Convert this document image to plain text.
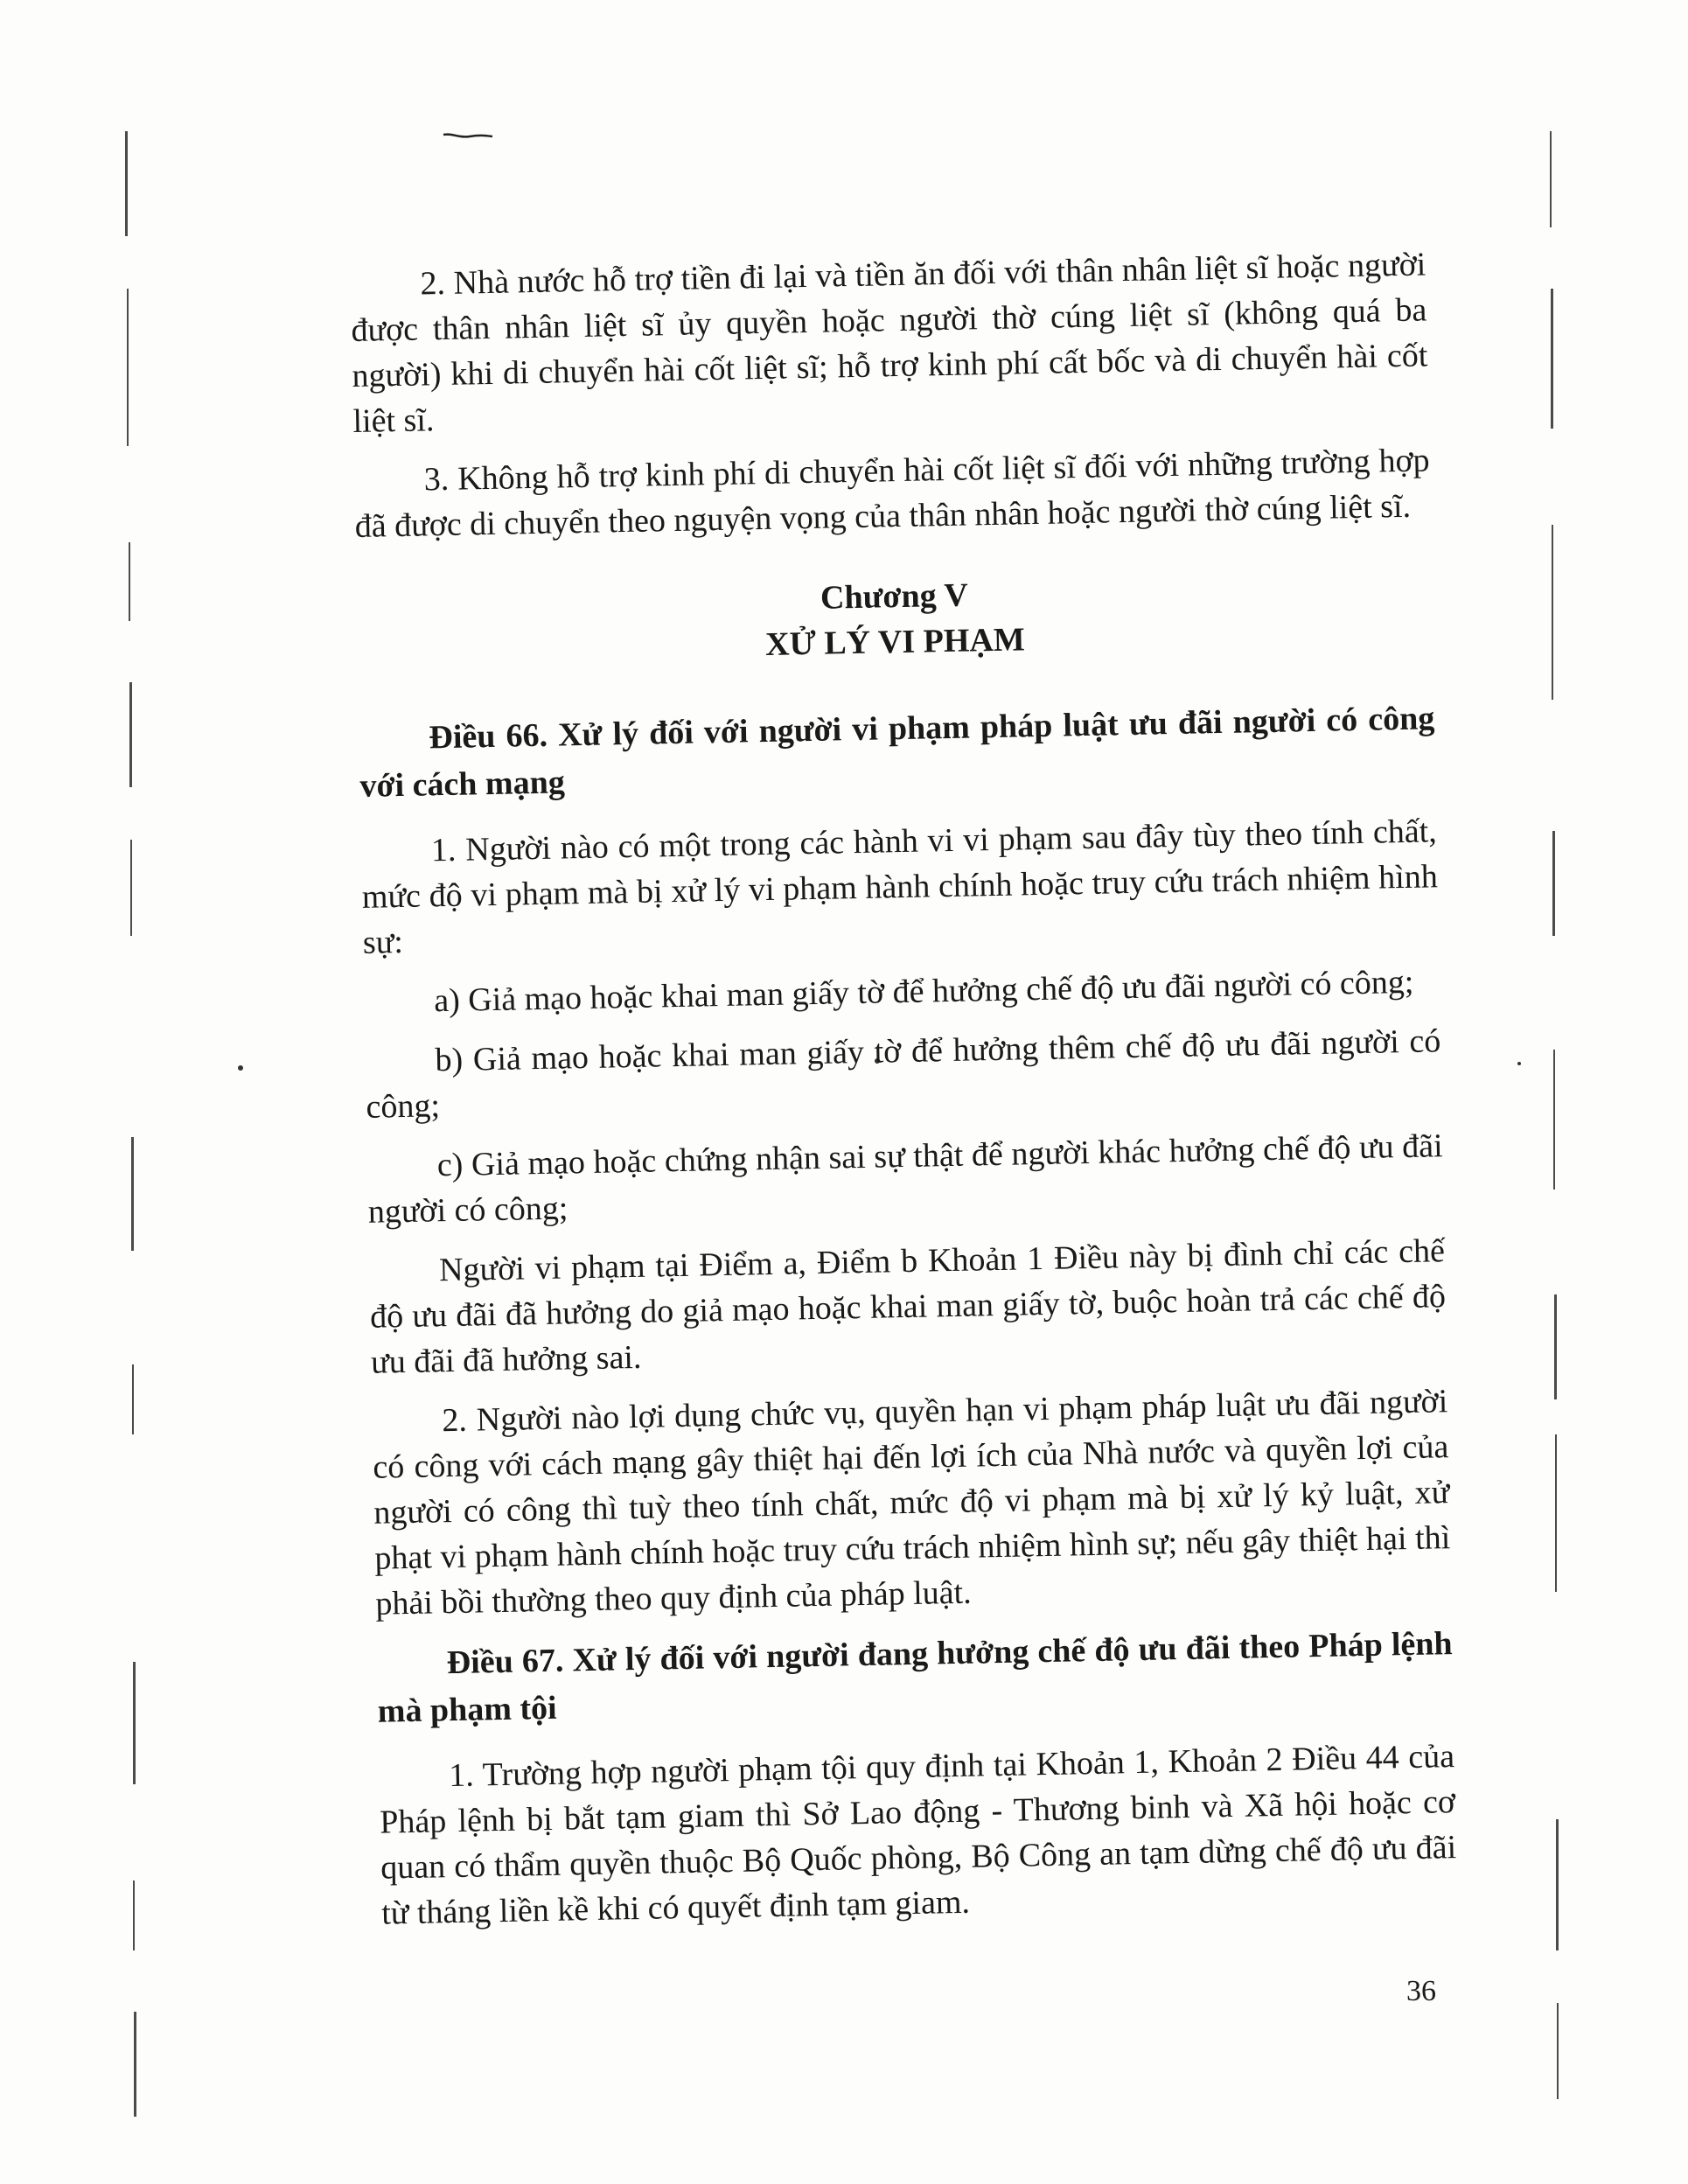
2. Nhà nước hỗ trợ tiền đi lại và tiền ăn đối với thân nhân liệt sĩ hoặc người được thân nhân liệt sĩ ủy quyền hoặc người thờ cúng liệt sĩ (không quá ba người) khi di chuyển hài cốt liệt sĩ; hỗ trợ kinh phí cất bốc và di chuyển hài cốt liệt sĩ.

3. Không hỗ trợ kinh phí di chuyển hài cốt liệt sĩ đối với những trường hợp đã được di chuyển theo nguyện vọng của thân nhân hoặc người thờ cúng liệt sĩ.

Chương V
XỬ LÝ VI PHẠM

Điều 66. Xử lý đối với người vi phạm pháp luật ưu đãi người có công với cách mạng

1. Người nào có một trong các hành vi vi phạm sau đây tùy theo tính chất, mức độ vi phạm mà bị xử lý vi phạm hành chính hoặc truy cứu trách nhiệm hình sự:

a) Giả mạo hoặc khai man giấy tờ để hưởng chế độ ưu đãi người có công;

b) Giả mạo hoặc khai man giấy tờ để hưởng thêm chế độ ưu đãi người có công;

c) Giả mạo hoặc chứng nhận sai sự thật để người khác hưởng chế độ ưu đãi người có công;

Người vi phạm tại Điểm a, Điểm b Khoản 1 Điều này bị đình chỉ các chế độ ưu đãi đã hưởng do giả mạo hoặc khai man giấy tờ, buộc hoàn trả các chế độ ưu đãi đã hưởng sai.

2. Người nào lợi dụng chức vụ, quyền hạn vi phạm pháp luật ưu đãi người có công với cách mạng gây thiệt hại đến lợi ích của Nhà nước và quyền lợi của người có công thì tuỳ theo tính chất, mức độ vi phạm mà bị xử lý kỷ luật, xử phạt vi phạm hành chính hoặc truy cứu trách nhiệm hình sự; nếu gây thiệt hại thì phải bồi thường theo quy định của pháp luật.

Điều 67. Xử lý đối với người đang hưởng chế độ ưu đãi theo Pháp lệnh mà phạm tội

1. Trường hợp người phạm tội quy định tại Khoản 1, Khoản 2 Điều 44 của Pháp lệnh bị bắt tạm giam thì Sở Lao động - Thương binh và Xã hội hoặc cơ quan có thẩm quyền thuộc Bộ Quốc phòng, Bộ Công an tạm dừng chế độ ưu đãi từ tháng liền kề khi có quyết định tạm giam.

36
